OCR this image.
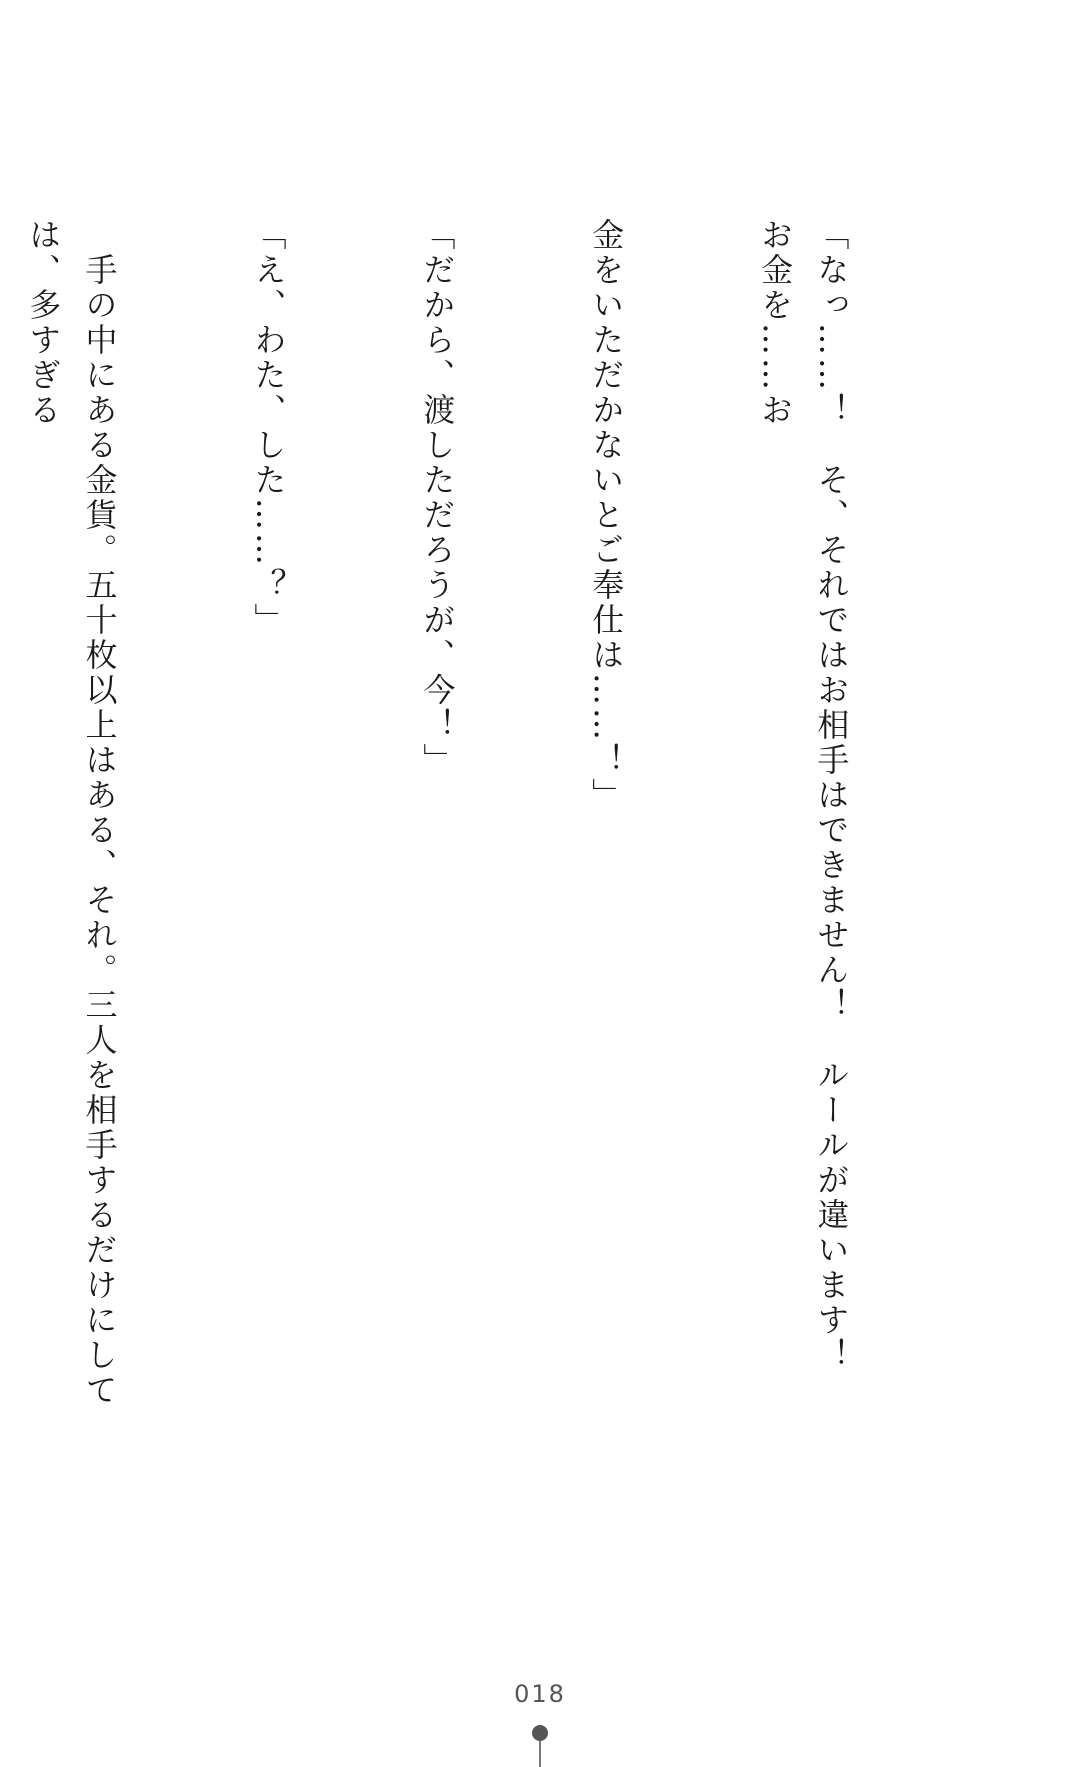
「なっ……！　そ、それではお相手はできません！　ルールが違います！　お金を……お

金をいただかないとご奉仕は……！」

「だから、渡しただろうが、今！」

「え、わた、した……？」

　手の中にある金貨。五十枚以上はある、それ。三人を相手するだけにしては、多すぎる

018
